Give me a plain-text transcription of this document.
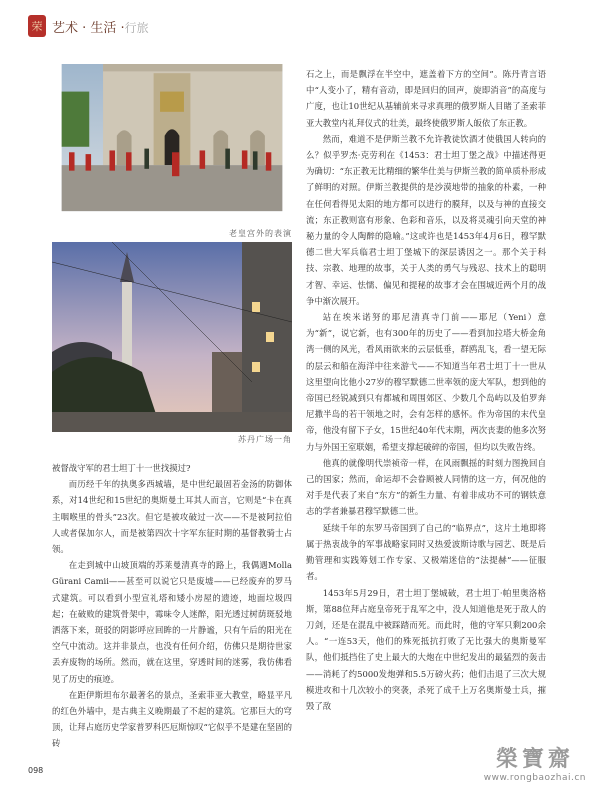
荣 艺术 · 生活 ·行旅
老皇宫外的表演
苏丹广场一角

被督战守军的君士坦丁十一世找摸过?

而历经千年的执奥多西城墙，是中世纪最固若金汤的防御体系，对14世纪和15世纪的奥斯曼土耳其人而言，它则是“卡在真主咽喉里的骨头”23次。但它是被攻破过一次——不是被阿拉伯人或者保加尔人，而是被第四次十字军东征时期的基督教骑士占领。

在走到城中山坡顶端的苏莱曼清真寺的路上，我偶遇Molla Gürani Camii——甚至可以说它只是废墟——已经废弃的罗马式建筑。可以看到小型宣礼塔和矮小房屋的遗迹，地面垃圾四起；在破败的建筑骨架中，霉味令人迷醉，阳光透过树荫斑驳地洒落下来，斑驳的阴影呼应回眸的一片静谧，只有午后的阳光在空气中流动。这并非景点，也没有任何介绍，仿佛只是期待世家丢弃废物的场所。然而，就在这里，穿透时间的迷雾，我仿佛看见了历史的痕迹。

在距伊斯坦布尔最著名的景点，圣索菲亚大教堂，略显平凡的红色外墙中，是古典主义晚期最了不起的建筑。它那巨大的穹顶，让拜占庭历史学家普罗科匹厄斯惊叹“它似乎不是建在坚固的砖

石之上，而是飘浮在半空中，遮盖着下方的空间”。陈丹青言语中“人变小了，精有音动，即是回归的回声，旋即消音”的高度与广度，也让10世纪从基辅前来寻求真理的俄罗斯人目睹了圣索菲亚大教堂内礼拜仪式的壮美，最终使俄罗斯人皈依了东正教。

然而，难道不是伊斯兰教不允许教徒饮酒才使俄国人转向的么？似乎罗杰·克劳利在《1453：君士坦丁堡之战》中描述得更为确切：“东正教无比精细的繁华仕美与伊斯兰教的简单质朴形成了鲜明的对照。伊斯兰教提供的是沙漠地带的抽象的朴素，一种在任何看得见太阳的地方都可以进行的膜拜，以及与神的直接交流；东正教则富有形象、色彩和音乐，以及将灵魂引向天堂的神秘力量的令人陶醉的隐喻。”这或许也是1453年4月6日，穆罕默德二世大军兵临君士坦丁堡城下的深层诱因之一。那个关于科技、宗教、地理的故事，关于人类的勇气与残忍、技术上的聪明才智、幸运、怯懦、偏见和提秘的故事才会在围城近两个月的战争中渐次展开。

站在埃米诺努的耶尼清真寺门前——耶尼（Yeni）意为“新”，说它新，也有300年的历史了——看到加拉塔大桥金角湾一侧的风光，看风雨欲来的云层低垂，群鸥乱飞，看一望无际的层云和船在海洋中往来游弋——不知道当年君士坦丁十一世从这里望向比他小27岁的穆罕默德二世率领的庞大军队，想到他的帝国已经锐减到只有都城和周围郊区、少数几个岛屿以及伯罗奔尼撒半岛的若干领地之时，会有怎样的感怀。作为帝国的末代皇帝，他没有留下子女，15世纪40年代末期，两次丧妻的他多次努力与外国王室联姻，希望支撑起破碎的帝国，但均以失败告终。

他真的就像明代崇祯帝一样，在风雨飘摇的时刻力图挽回自己的国家；然而，命运却不会眷顾被人同情的这一方，何况他的对手是代表了来自“东方”的新生力量、有着非成功不可的钢铁意志的学者兼暴君穆罕默德二世。

延续千年的东罗马帝国到了自己的“临界点”，这片土地即将属于热衷战争的军事战略家同时又热爱波斯诗歌与园艺、既是后勤管理和实践筹划工作专家、又极端迷信的“法提赫”——征服者。

1453年5月29日，君士坦丁堡城破，君士坦丁·帕里奥洛格斯，第88位拜占庭皇帝死于乱军之中，没人知道他是死于敌人的刀剑，还是在混乱中被踩踏而死。而此时，他的守军只剩200余人。“一连53天，他们的殊死抵抗打败了无比强大的奥斯曼军队，他们抵挡住了史上最大的大炮在中世纪发出的最猛烈的轰击——消耗了约5000发炮弹和5.5万磅火药；他们击退了三次大规模进攻和十几次较小的突袭，杀死了成千上万名奥斯曼士兵，摧毁了敌

098	榮寶齋
www.rongbaozhai.cn
